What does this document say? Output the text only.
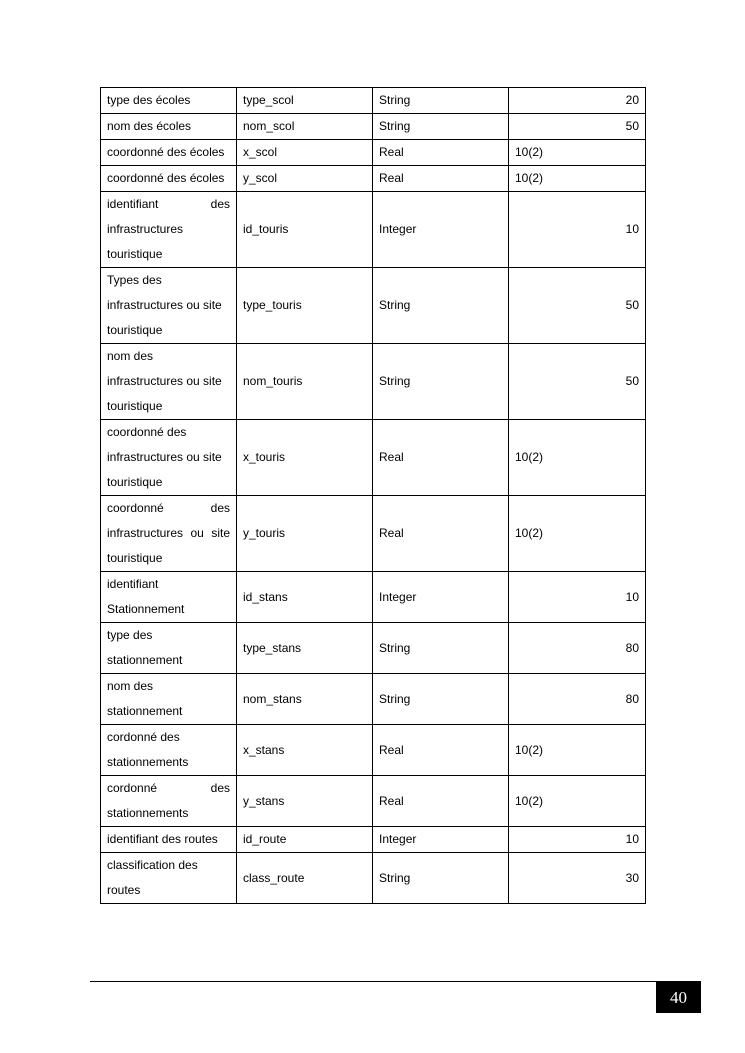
type des écoles	type_scol	String	20
nom des écoles	nom_scol	String	50
coordonné des écoles	x_scol	Real	10(2)
coordonné des écoles	y_scol	Real	10(2)
identifiant des infrastructures touristique	id_touris	Integer	10
Types des infrastructures ou site touristique	type_touris	String	50
nom des infrastructures ou site touristique	nom_touris	String	50
coordonné des infrastructures ou site touristique	x_touris	Real	10(2)
coordonné des infrastructures ou site touristique	y_touris	Real	10(2)
identifiant Stationnement	id_stans	Integer	10
type des stationnement	type_stans	String	80
nom des stationnement	nom_stans	String	80
cordonné des stationnements	x_stans	Real	10(2)
cordonné des stationnements	y_stans	Real	10(2)
identifiant des routes	id_route	Integer	10
classification des routes	class_route	String	30
40
